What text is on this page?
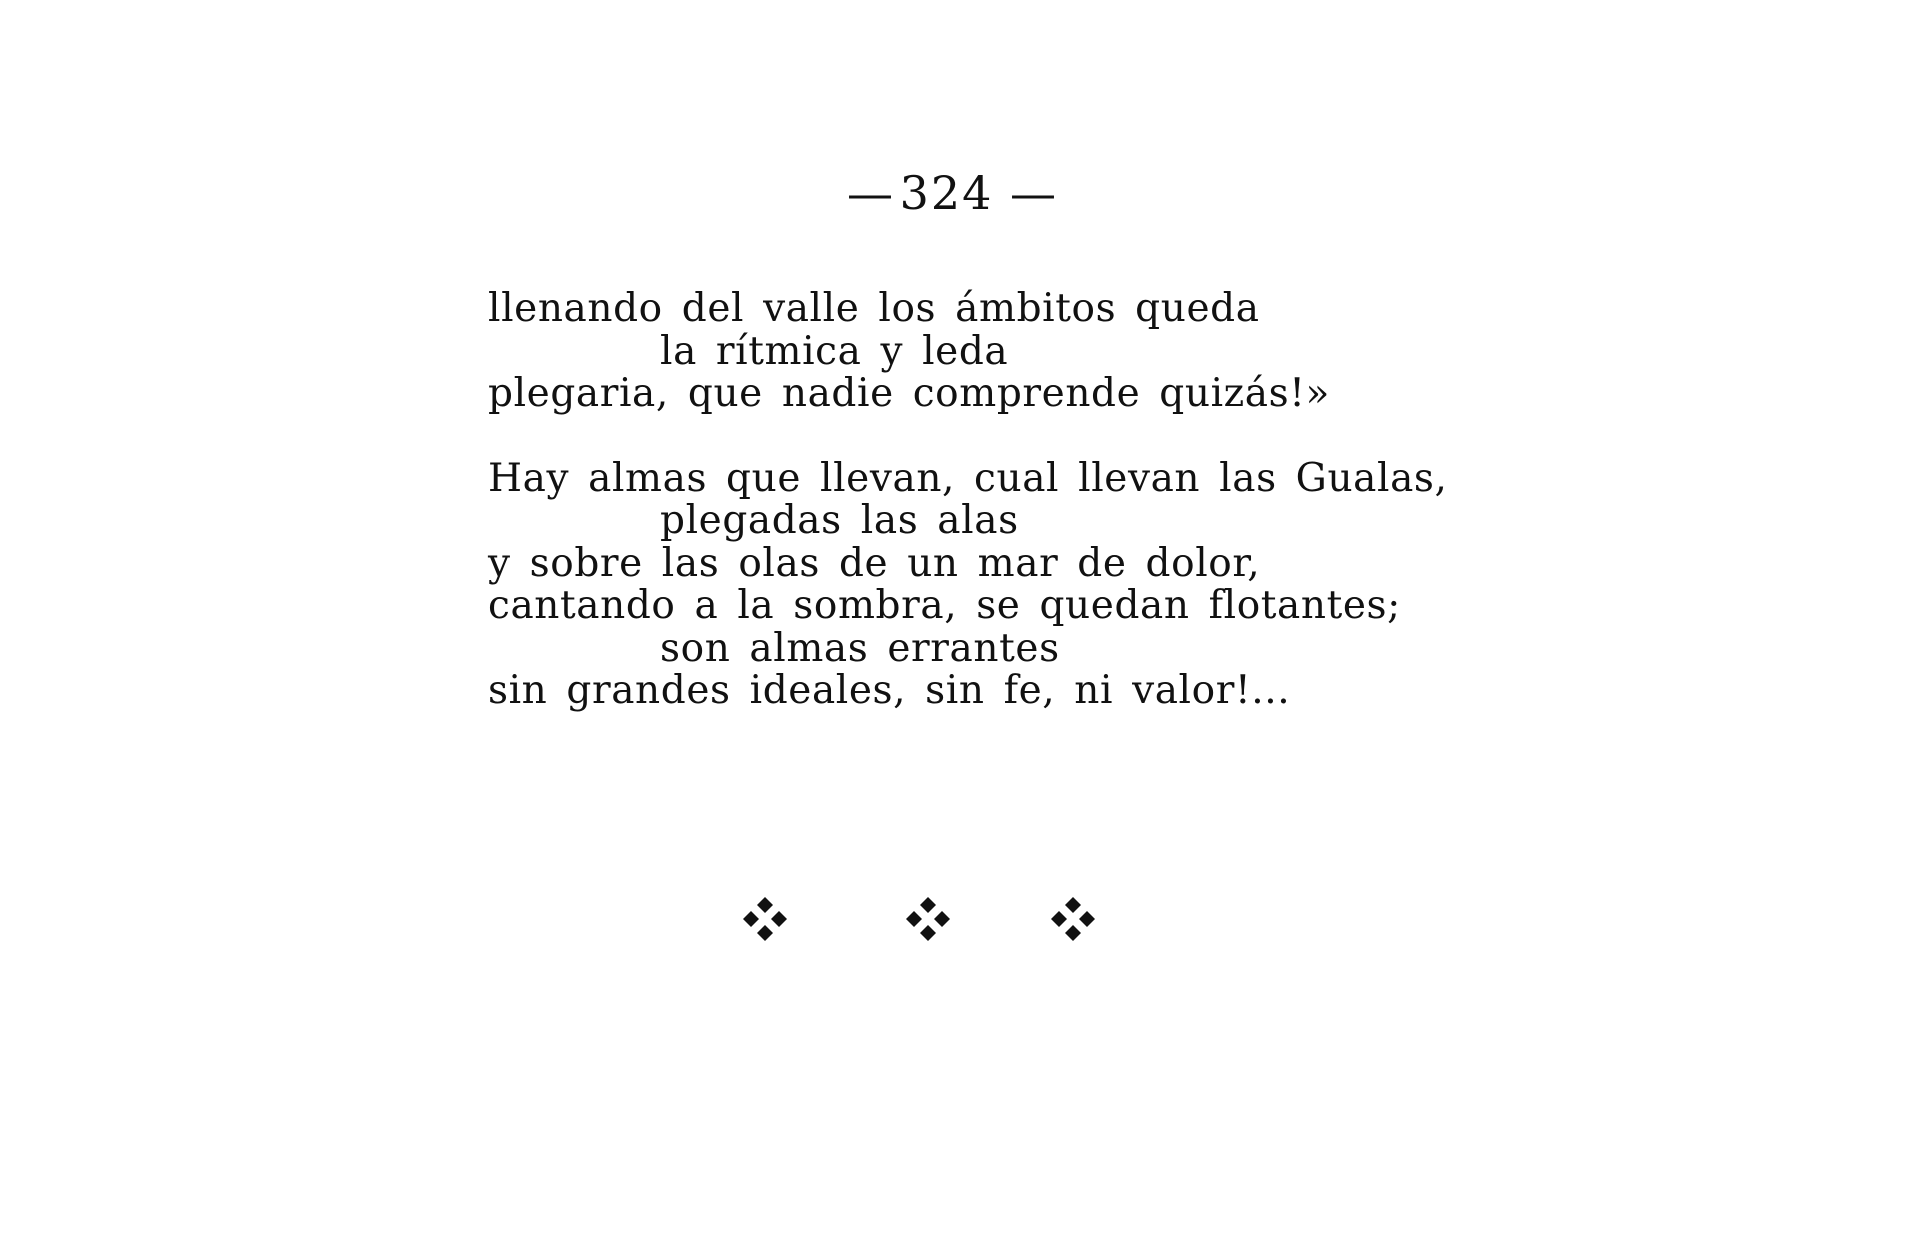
— 324 —
llenando del valle los ámbitos queda
la rítmica y leda
plegaria, que nadie comprende quizás!»
Hay almas que llevan, cual llevan las Gualas,
plegadas las alas
y sobre las olas de un mar de dolor,
cantando a la sombra, se quedan flotantes;
son almas errantes
sin grandes ideales, sin fe, ni valor!...
